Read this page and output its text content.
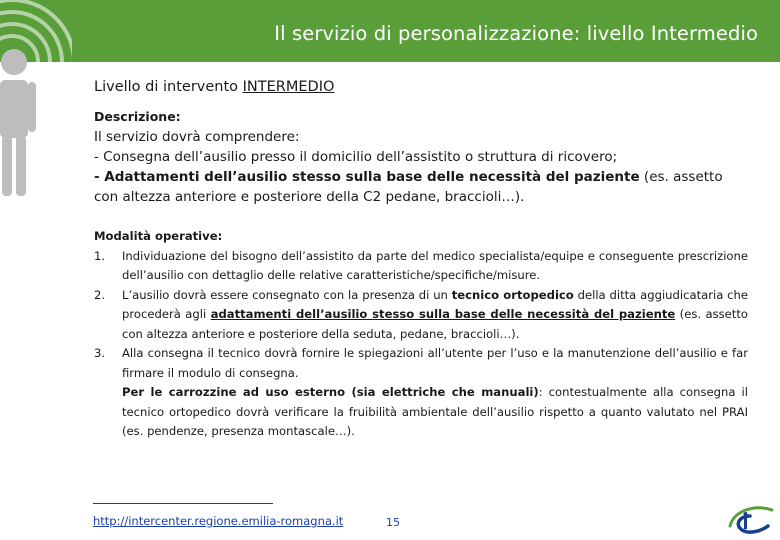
Il servizio di personalizzazione: livello Intermedio
Livello di intervento INTERMEDIO
Descrizione:
Il servizio dovrà comprendere:
- Consegna dell’ausilio presso il domicilio dell’assistito o struttura di ricovero;
- Adattamenti dell’ausilio stesso sulla base delle necessità del paziente (es. assetto con altezza anteriore e posteriore della C2 pedane, braccioli…).
Modalità operative:
1. Individuazione del bisogno dell’assistito da parte del medico specialista/equipe e conseguente prescrizione dell’ausilio con dettaglio delle relative caratteristiche/specifiche/misure.
2. L’ausilio dovrà essere consegnato con la presenza di un tecnico ortopedico della ditta aggiudicataria che procederà agli adattamenti dell’ausilio stesso sulla base delle necessità del paziente (es. assetto con altezza anteriore e posteriore della seduta, pedane, braccioli…).
3. Alla consegna il tecnico dovrà fornire le spiegazioni all’utente per l’uso e la manutenzione dell’ausilio e far firmare il modulo di consegna.
Per le carrozzine ad uso esterno (sia elettriche che manuali): contestualmente alla consegna il tecnico ortopedico dovrà verificare la fruibilità ambientale dell’ausilio rispetto a quanto valutato nel PRAI (es. pendenze, presenza montascale…).
http://intercenter.regione.emilia-romagna.it	15
